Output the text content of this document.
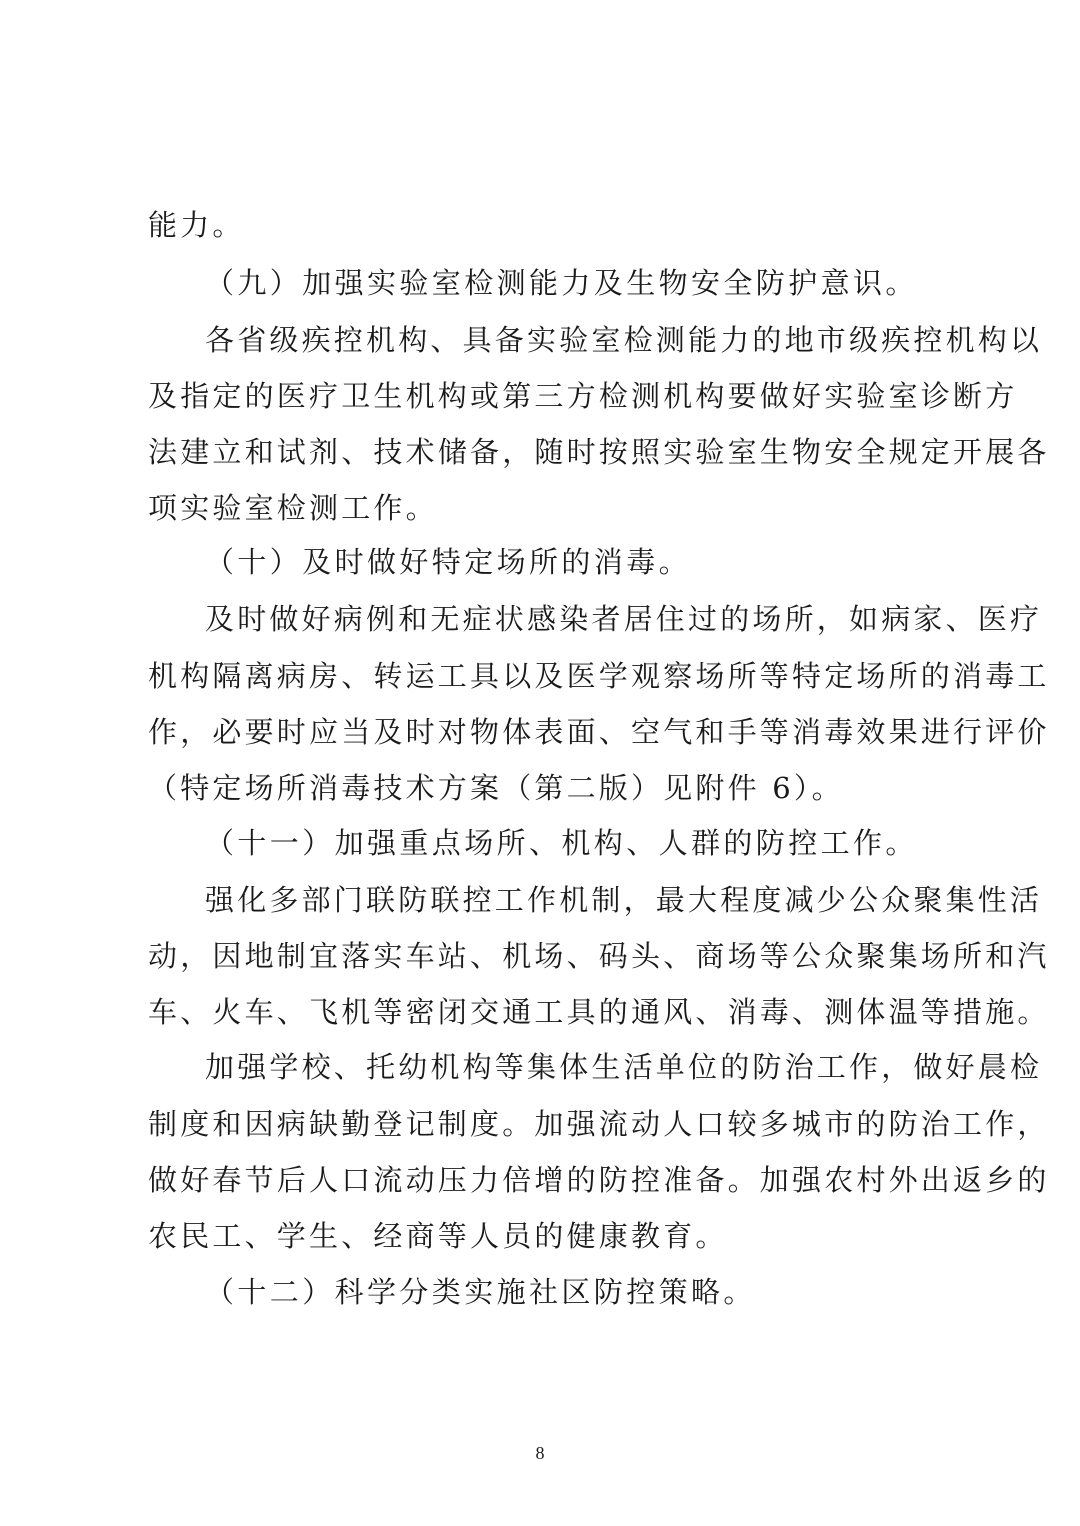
能力。
（九）加强实验室检测能力及生物安全防护意识。
各省级疾控机构、具备实验室检测能力的地市级疾控机构以
及指定的医疗卫生机构或第三方检测机构要做好实验室诊断方
法建立和试剂、技术储备，随时按照实验室生物安全规定开展各
项实验室检测工作。
（十）及时做好特定场所的消毒。
及时做好病例和无症状感染者居住过的场所，如病家、医疗
机构隔离病房、转运工具以及医学观察场所等特定场所的消毒工
作，必要时应当及时对物体表面、空气和手等消毒效果进行评价
（特定场所消毒技术方案（第二版）见附件 6）。
（十一）加强重点场所、机构、人群的防控工作。
强化多部门联防联控工作机制，最大程度减少公众聚集性活
动，因地制宜落实车站、机场、码头、商场等公众聚集场所和汽
车、火车、飞机等密闭交通工具的通风、消毒、测体温等措施。
加强学校、托幼机构等集体生活单位的防治工作，做好晨检
制度和因病缺勤登记制度。加强流动人口较多城市的防治工作，
做好春节后人口流动压力倍增的防控准备。加强农村外出返乡的
农民工、学生、经商等人员的健康教育。
（十二）科学分类实施社区防控策略。
8
